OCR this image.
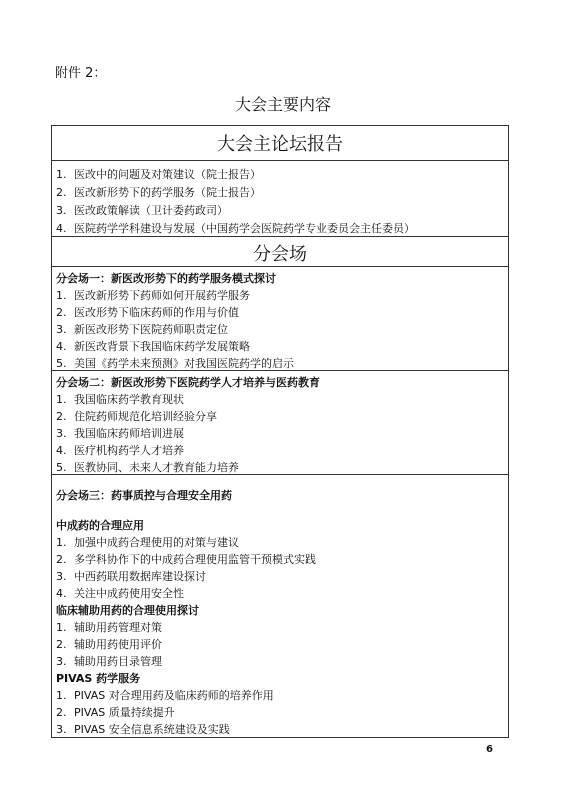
附件 2：
大会主要内容
大会主论坛报告
1. 医改中的问题及对策建议（院士报告）
2. 医改新形势下的药学服务（院士报告）
3. 医改政策解读（卫计委药政司）
4. 医院药学学科建设与发展（中国药学会医院药学专业委员会主任委员）
分会场
分会场一：新医改形势下的药学服务模式探讨
1. 医改新形势下药师如何开展药学服务
2. 医改形势下临床药师的作用与价值
3. 新医改形势下医院药师职责定位
4. 新医改背景下我国临床药学发展策略
5. 美国《药学未来预测》对我国医院药学的启示
分会场二：新医改形势下医院药学人才培养与医药教育
1. 我国临床药学教育现状
2. 住院药师规范化培训经验分享
3. 我国临床药师培训进展
4. 医疗机构药学人才培养
5. 医教协同、未来人才教育能力培养
分会场三：药事质控与合理安全用药
中成药的合理应用
1. 加强中成药合理使用的对策与建议
2. 多学科协作下的中成药合理使用监管干预模式实践
3. 中西药联用数据库建设探讨
4. 关注中成药使用安全性
临床辅助用药的合理使用探讨
1. 辅助用药管理对策
2. 辅助用药使用评价
3. 辅助用药目录管理
PIVAS 药学服务
1. PIVAS 对合理用药及临床药师的培养作用
2. PIVAS 质量持续提升
3. PIVAS 安全信息系统建设及实践
6
